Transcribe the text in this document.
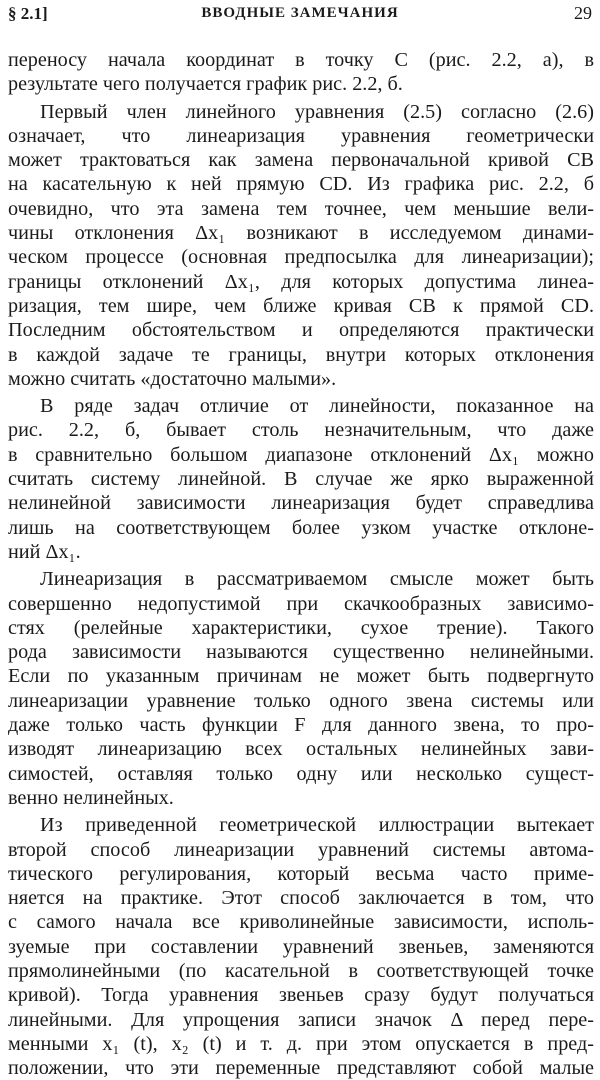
§ 2.1]	ВВОДНЫЕ ЗАМЕЧАНИЯ	29
переносу начала координат в точку C (рис. 2.2, а), в
результате чего получается график рис. 2.2, б.
Первый член линейного уравнения (2.5) согласно (2.6)
означает, что линеаризация уравнения геометрически
может трактоваться как замена первоначальной кривой CB
на касательную к ней прямую CD. Из графика рис. 2.2, б
очевидно, что эта замена тем точнее, чем меньшие вели-
чины отклонения Δx₁ возникают в исследуемом динами-
ческом процессе (основная предпосылка для линеаризации);
границы отклонений Δx₁, для которых допустима линеа-
ризация, тем шире, чем ближе кривая CB к прямой CD.
Последним обстоятельством и определяются практически
в каждой задаче те границы, внутри которых отклонения
можно считать «достаточно малыми».
В ряде задач отличие от линейности, показанное на
рис. 2.2, б, бывает столь незначительным, что даже
в сравнительно большом диапазоне отклонений Δx₁ можно
считать систему линейной. В случае же ярко выраженной
нелинейной зависимости линеаризация будет справедлива
лишь на соответствующем более узком участке отклоне-
ний Δx₁.
Линеаризация в рассматриваемом смысле может быть
совершенно недопустимой при скачкообразных зависимо-
стях (релейные характеристики, сухое трение). Такого
рода зависимости называются существенно нелинейными.
Если по указанным причинам не может быть подвергнуто
линеаризации уравнение только одного звена системы или
даже только часть функции F для данного звена, то про-
изводят линеаризацию всех остальных нелинейных зави-
симостей, оставляя только одну или несколько сущест-
венно нелинейных.
Из приведенной геометрической иллюстрации вытекает
второй способ линеаризации уравнений системы автома-
тического регулирования, который весьма часто приме-
няется на практике. Этот способ заключается в том, что
с самого начала все криволинейные зависимости, исполь-
зуемые при составлении уравнений звеньев, заменяются
прямолинейными (по касательной в соответствующей точке
кривой). Тогда уравнения звеньев сразу будут получаться
линейными. Для упрощения записи значок Δ перед пере-
менными x₁ (t), x₂ (t) и т. д. при этом опускается в пред-
положении, что эти переменные представляют собой малые
